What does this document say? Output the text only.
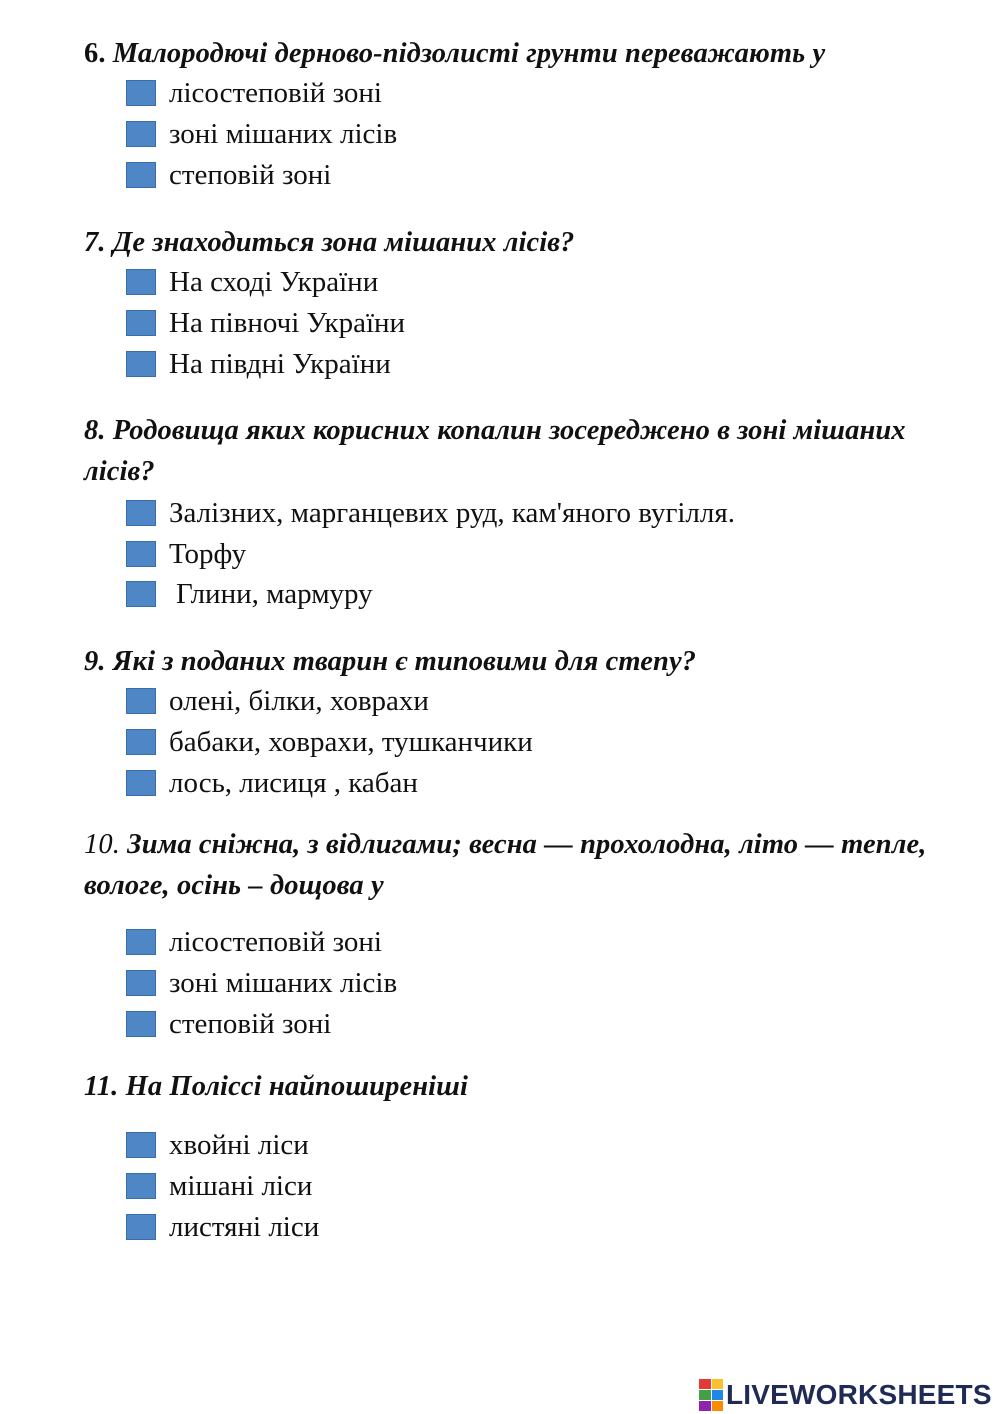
6. Малородючі дерново-підзолисті грунти переважають у
лісостеповій зоні
зоні мішаних лісів
степовій зоні
7. Де знаходиться зона мішаних лісів?
На сході України
На півночі України
На півдні України
8. Родовища яких корисних копалин зосереджено в зоні мішаних лісів?
Залізних, марганцевих руд, кам'яного вугілля.
Торфу
Глини, мармуру
9. Які з поданих тварин є типовими для степу?
олені, білки, ховрахи
бабаки, ховрахи, тушканчики
лось, лисиця , кабан
10. Зима сніжна, з відлигами; весна — прохолодна, літо — тепле, вологе, осінь – дощова у
лісостеповій зоні
зоні мішаних лісів
степовій зоні
11. На Поліссі найпоширеніші
хвойні ліси
мішані ліси
листяні ліси
LIVEWORKSHEETS
